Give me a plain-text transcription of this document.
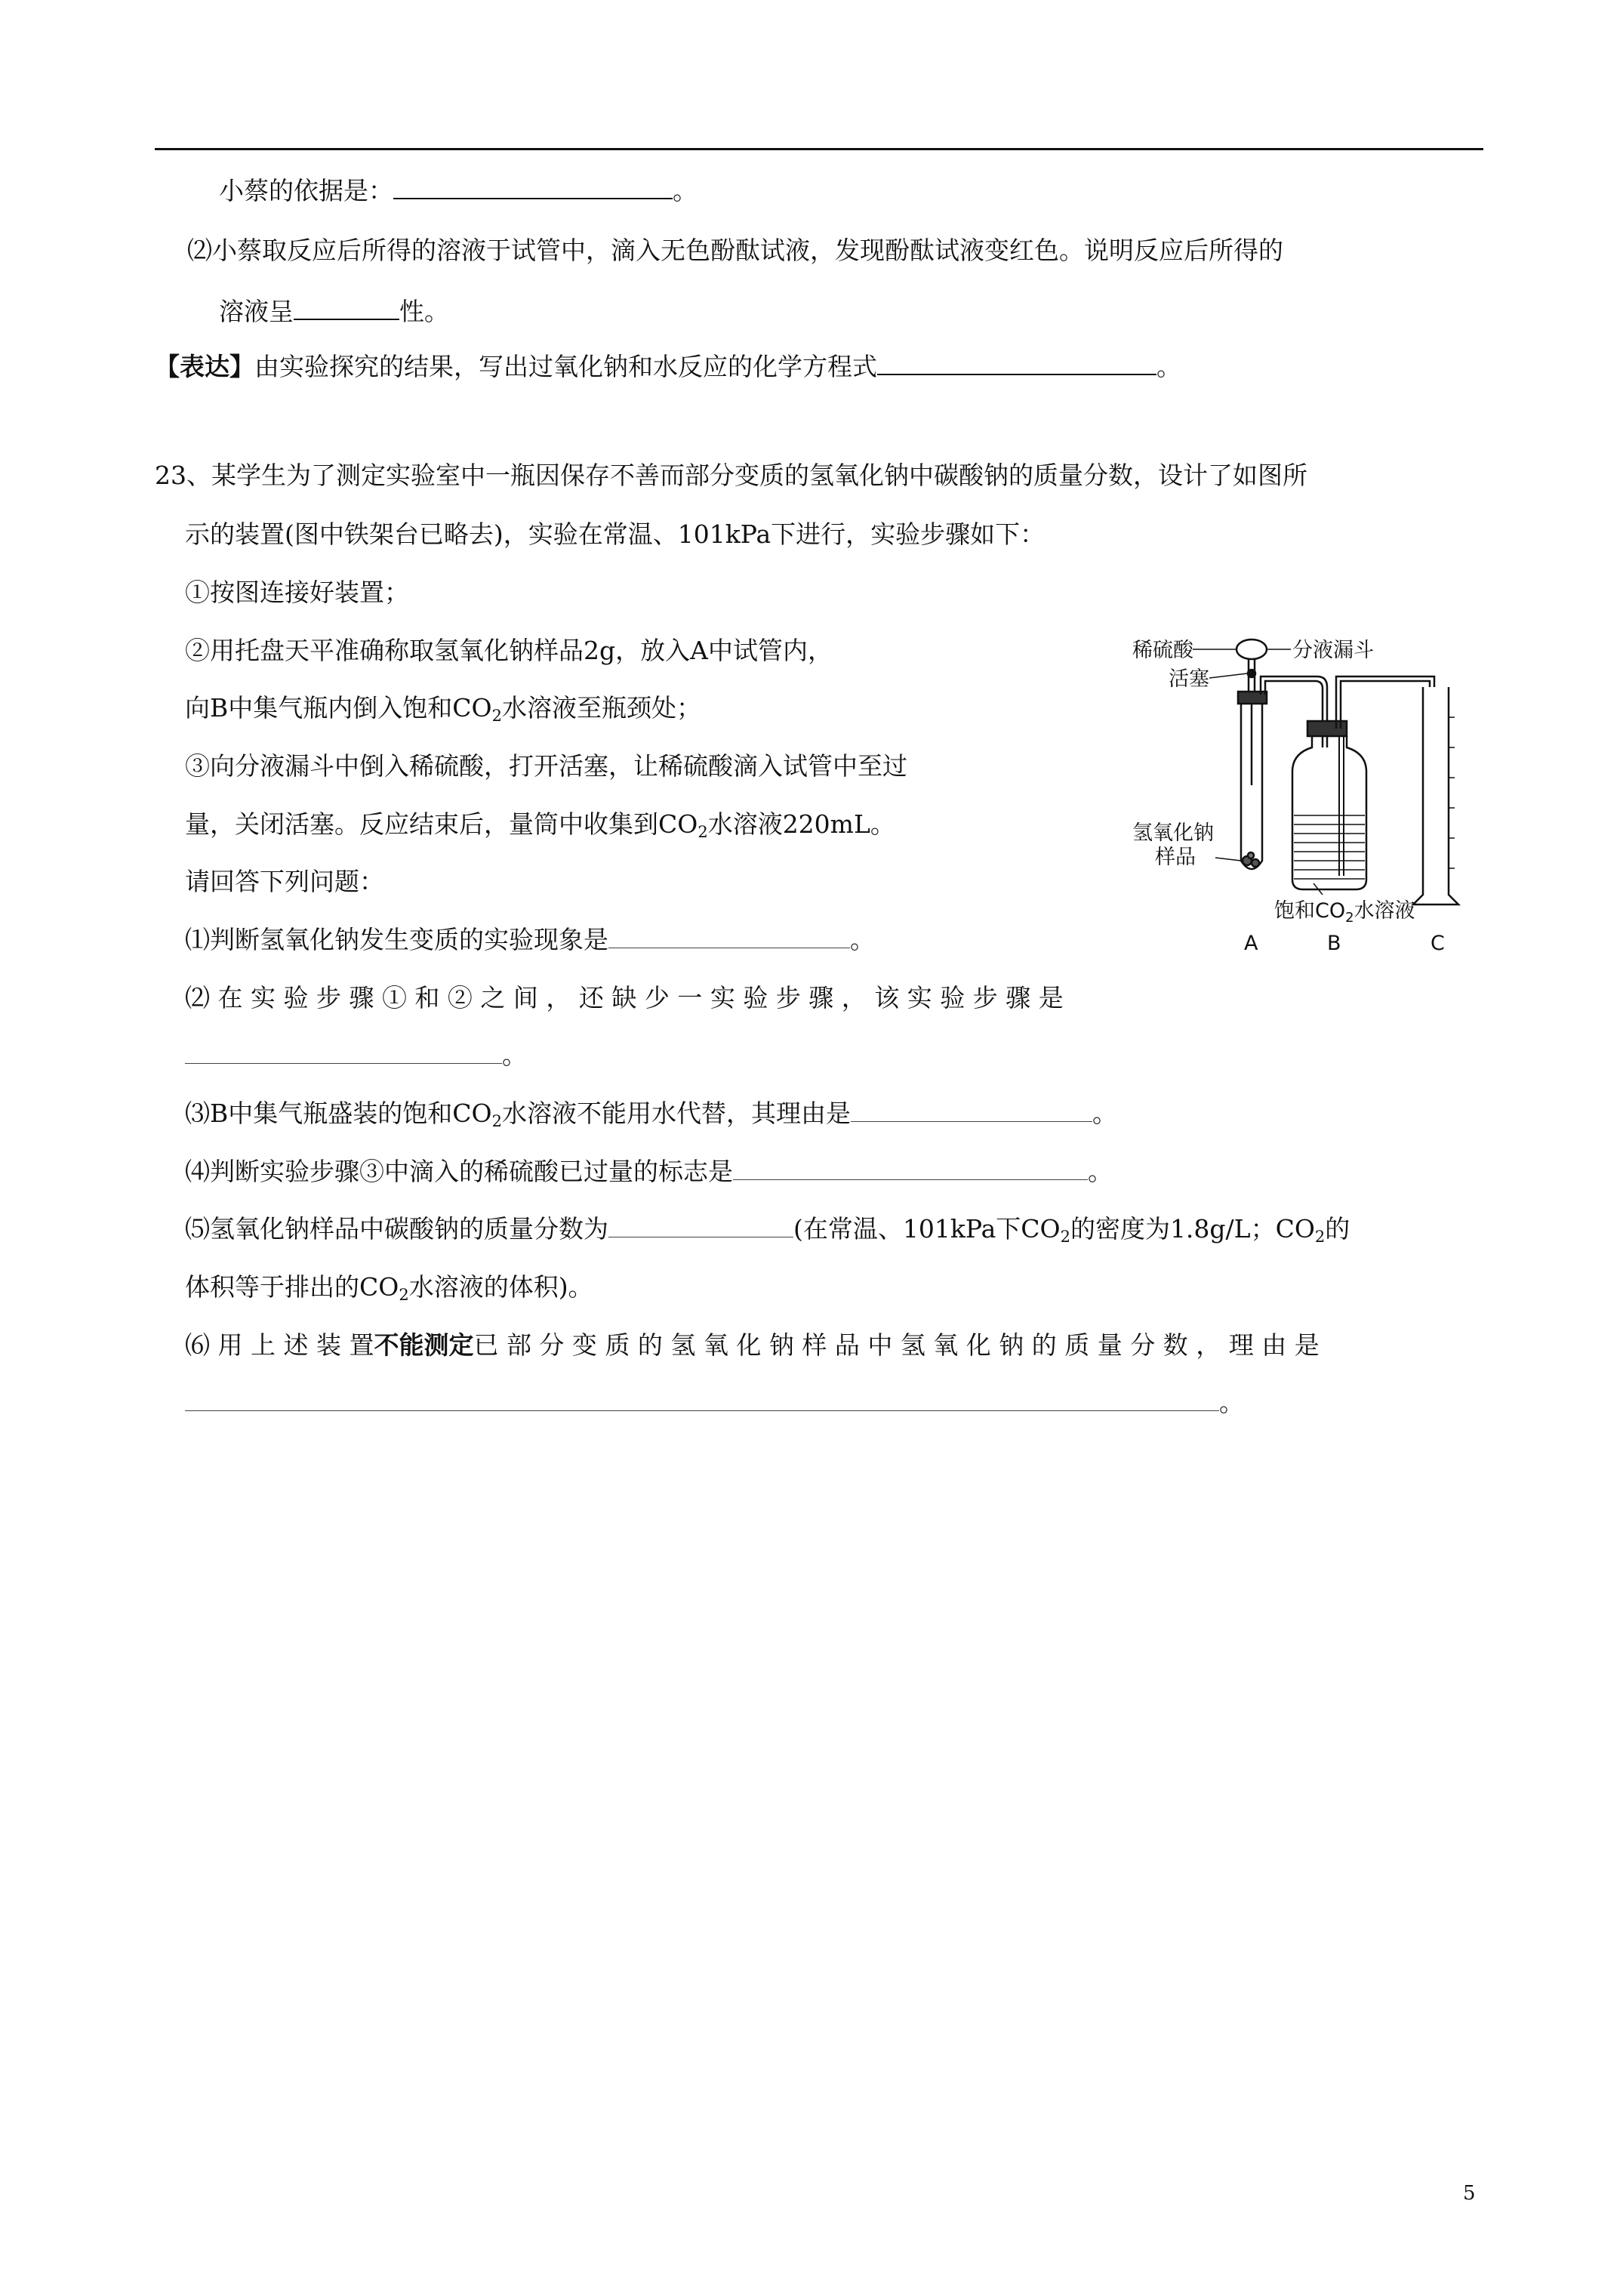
小蔡的依据是：	。
⑵小蔡取反应后所得的溶液于试管中，滴入无色酚酞试液，发现酚酞试液变红色。说明反应后所得的
溶液呈	性。
【表达】由实验探究的结果，写出过氧化钠和水反应的化学方程式	。
23、某学生为了测定实验室中一瓶因保存不善而部分变质的氢氧化钠中碳酸钠的质量分数，设计了如图所
示的装置(图中铁架台已略去)，实验在常温、101kPa下进行，实验步骤如下：
①按图连接好装置；
②用托盘天平准确称取氢氧化钠样品2g，放入A中试管内，
向B中集气瓶内倒入饱和$CO_2$水溶液至瓶颈处；
③向分液漏斗中倒入稀硫酸，打开活塞，让稀硫酸滴入试管中至过
量，关闭活塞。反应结束后，量筒中收集到$CO_2$水溶液220mL。
请回答下列问题：
⑴判断氢氧化钠发生变质的实验现象是	。
⑵ 在 实 验 步 骤 ① 和 ② 之 间 ， 还 缺 少 一 实 验 步 骤 ， 该 实 验 步 骤 是
。
⑶B中集气瓶盛装的饱和$CO_2$水溶液不能用水代替，其理由是	。
⑷判断实验步骤③中滴入的稀硫酸已过量的标志是	。
⑸氢氧化钠样品中碳酸钠的质量分数为	(在常温、101kPa下$CO_2$的密度为1.8g/L；$CO_2$的
体积等于排出的$CO_2$水溶液的体积)。
⑹ 用 上 述 装 置不能测定已 部 分 变 质 的 氢 氧 化 钠 样 品 中 氢 氧 化 钠 的 质 量 分 数 ， 理 由 是
。
稀硫酸	分液漏斗
活塞
氢氧化钠
样品
饱和$CO_2$水溶液
A	B	C
5
